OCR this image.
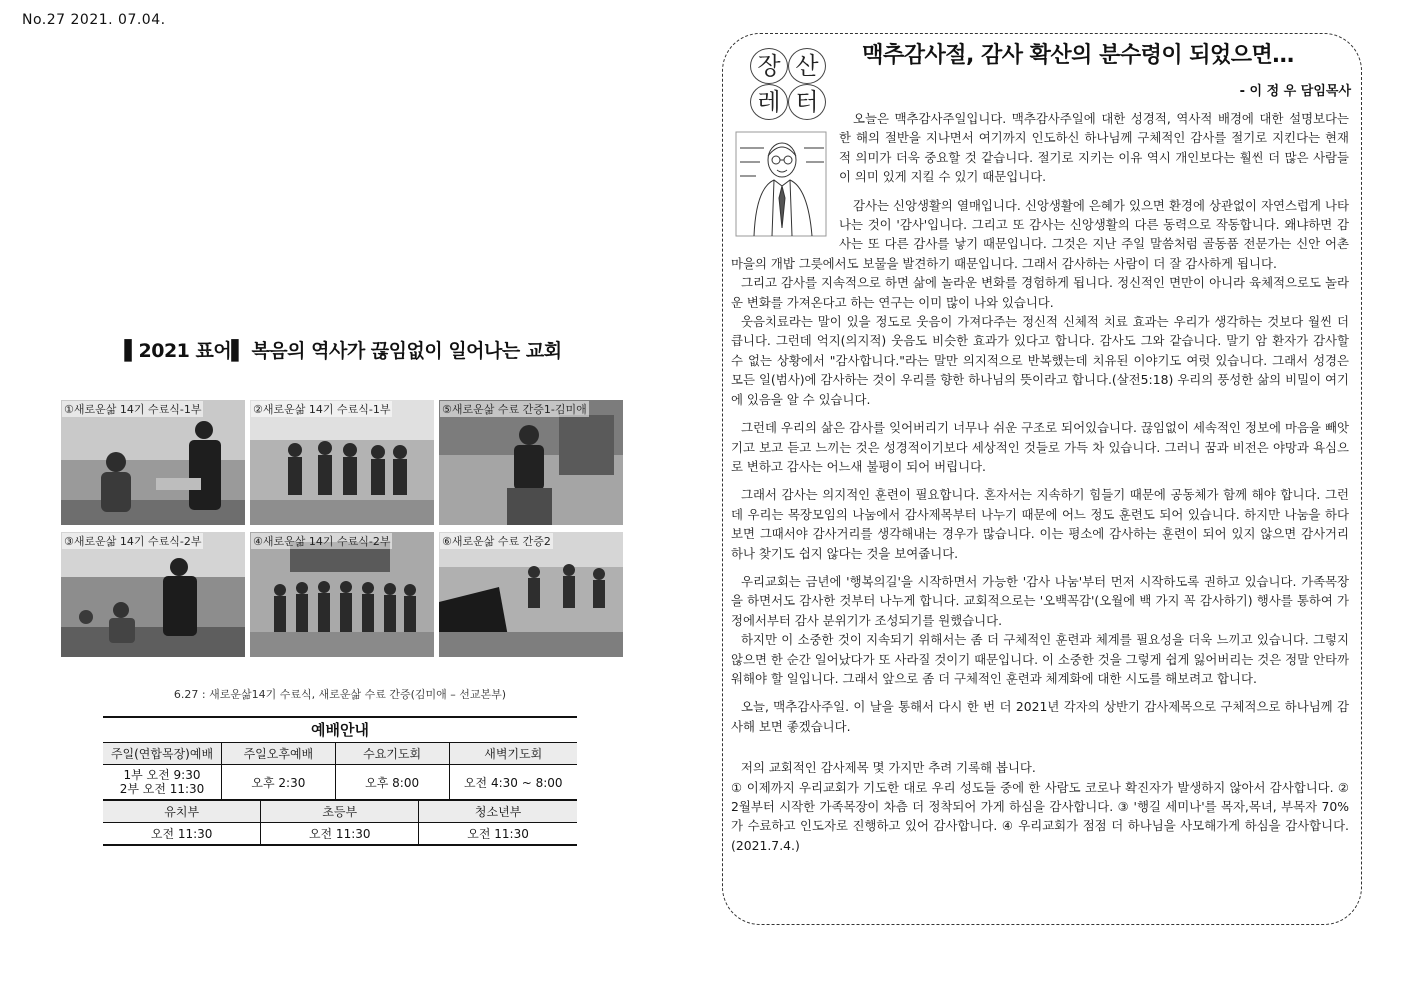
No.27 2021. 07.04.
▌2021 표어▌ 복음의 역사가 끊임없이 일어나는 교회
①새로운삶 14기 수료식-1부	②새로운삶 14기 수료식-1부	⑤새로운삶 수료 간증1-김미애
③새로운삶 14기 수료식-2부	④새로운삶 14기 수료식-2부	⑥새로운삶 수료 간증2
6.27 : 새로운삶14기 수료식, 새로운삶 수료 간증(김미애 – 선교본부)
예배안내
주일(연합목장)예배	주일오후예배	수요기도회	새벽기도회

1부 오전 9:30
2부 오전 11:30	오후 2:30	오후 8:00	오전 4:30 ~ 8:00
유치부	초등부	청소년부
오전 11:30	오전 11:30	오전 11:30
장 산
레 터
맥추감사절, 감사 확산의 분수령이 되었으면…
- 이 정 우 담임목사

오늘은 맥추감사주일입니다. 맥추감사주일에 대한 성경적, 역사적 배경에 대한 설명보다는 한 해의 절반을 지나면서 여기까지 인도하신 하나님께 구체적인 감사를 절기로 지킨다는 현재적 의미가 더욱 중요할 것 같습니다. 절기로 지키는 이유 역시 개인보다는 훨씬 더 많은 사람들이 의미 있게 지킬 수 있기 때문입니다.

감사는 신앙생활의 열매입니다. 신앙생활에 은혜가 있으면 환경에 상관없이 자연스럽게 나타나는 것이 '감사'입니다. 그리고 또 감사는 신앙생활의 다른 동력으로 작동합니다. 왜냐하면 감사는 또 다른 감사를 낳기 때문입니다. 그것은 지난 주일 말씀처럼 골동품 전문가는 신안 어촌 마을의 개밥 그릇에서도 보물을 발견하기 때문입니다. 그래서 감사하는 사람이 더 잘 감사하게 됩니다.

그리고 감사를 지속적으로 하면 삶에 놀라운 변화를 경험하게 됩니다. 정신적인 면만이 아니라 육체적으로도 놀라운 변화를 가져온다고 하는 연구는 이미 많이 나와 있습니다.

웃음치료라는 말이 있을 정도로 웃음이 가져다주는 정신적 신체적 치료 효과는 우리가 생각하는 것보다 월씬 더 큽니다. 그런데 억지(의지적) 웃음도 비슷한 효과가 있다고 합니다. 감사도 그와 같습니다. 말기 암 환자가 감사할 수 없는 상황에서 "감사합니다."라는 말만 의지적으로 반복했는데 치유된 이야기도 여럿 있습니다. 그래서 성경은 모든 일(범사)에 감사하는 것이 우리를 향한 하나님의 뜻이라고 합니다.(살전5:18) 우리의 풍성한 삶의 비밀이 여기에 있음을 알 수 있습니다.

그런데 우리의 삶은 감사를 잊어버리기 너무나 쉬운 구조로 되어있습니다. 끊임없이 세속적인 정보에 마음을 빼앗기고 보고 듣고 느끼는 것은 성경적이기보다 세상적인 것들로 가득 차 있습니다. 그러니 꿈과 비전은 야망과 욕심으로 변하고 감사는 어느새 불평이 되어 버립니다.

그래서 감사는 의지적인 훈련이 필요합니다. 혼자서는 지속하기 힘들기 때문에 공동체가 함께 해야 합니다. 그런데 우리는 목장모임의 나눔에서 감사제목부터 나누기 때문에 어느 정도 훈련도 되어 있습니다. 하지만 나눔을 하다보면 그때서야 감사거리를 생각해내는 경우가 많습니다. 이는 평소에 감사하는 훈련이 되어 있지 않으면 감사거리 하나 찾기도 쉽지 않다는 것을 보여줍니다.

우리교회는 금년에 '행복의길'을 시작하면서 가능한 '감사 나눔'부터 먼저 시작하도록 권하고 있습니다. 가족목장을 하면서도 감사한 것부터 나누게 합니다. 교회적으로는 '오백꼭감'(오월에 백 가지 꼭 감사하기) 행사를 통하여 가정에서부터 감사 분위기가 조성되기를 원했습니다.

하지만 이 소중한 것이 지속되기 위해서는 좀 더 구체적인 훈련과 체계를 필요성을 더욱 느끼고 있습니다. 그렇지 않으면 한 순간 일어났다가 또 사라질 것이기 때문입니다. 이 소중한 것을 그렇게 쉽게 잃어버리는 것은 정말 안타까워해야 할 일입니다. 그래서 앞으로 좀 더 구체적인 훈련과 체계화에 대한 시도를 해보려고 합니다.

오늘, 맥추감사주일. 이 날을 통해서 다시 한 번 더 2021년 각자의 상반기 감사제목으로 구체적으로 하나님께 감사해 보면 좋겠습니다.

저의 교회적인 감사제목 몇 가지만 추려 기록해 봅니다.

① 이제까지 우리교회가 기도한 대로 우리 성도들 중에 한 사람도 코로나 확진자가 발생하지 않아서 감사합니다. ② 2월부터 시작한 가족목장이 차츰 더 정착되어 가게 하심을 감사합니다. ③ '행길 세미나'를 목자,목녀, 부목자 70%가 수료하고 인도자로 진행하고 있어 감사합니다. ④ 우리교회가 점점 더 하나님을 사모해가게 하심을 감사합니다.(2021.7.4.)
